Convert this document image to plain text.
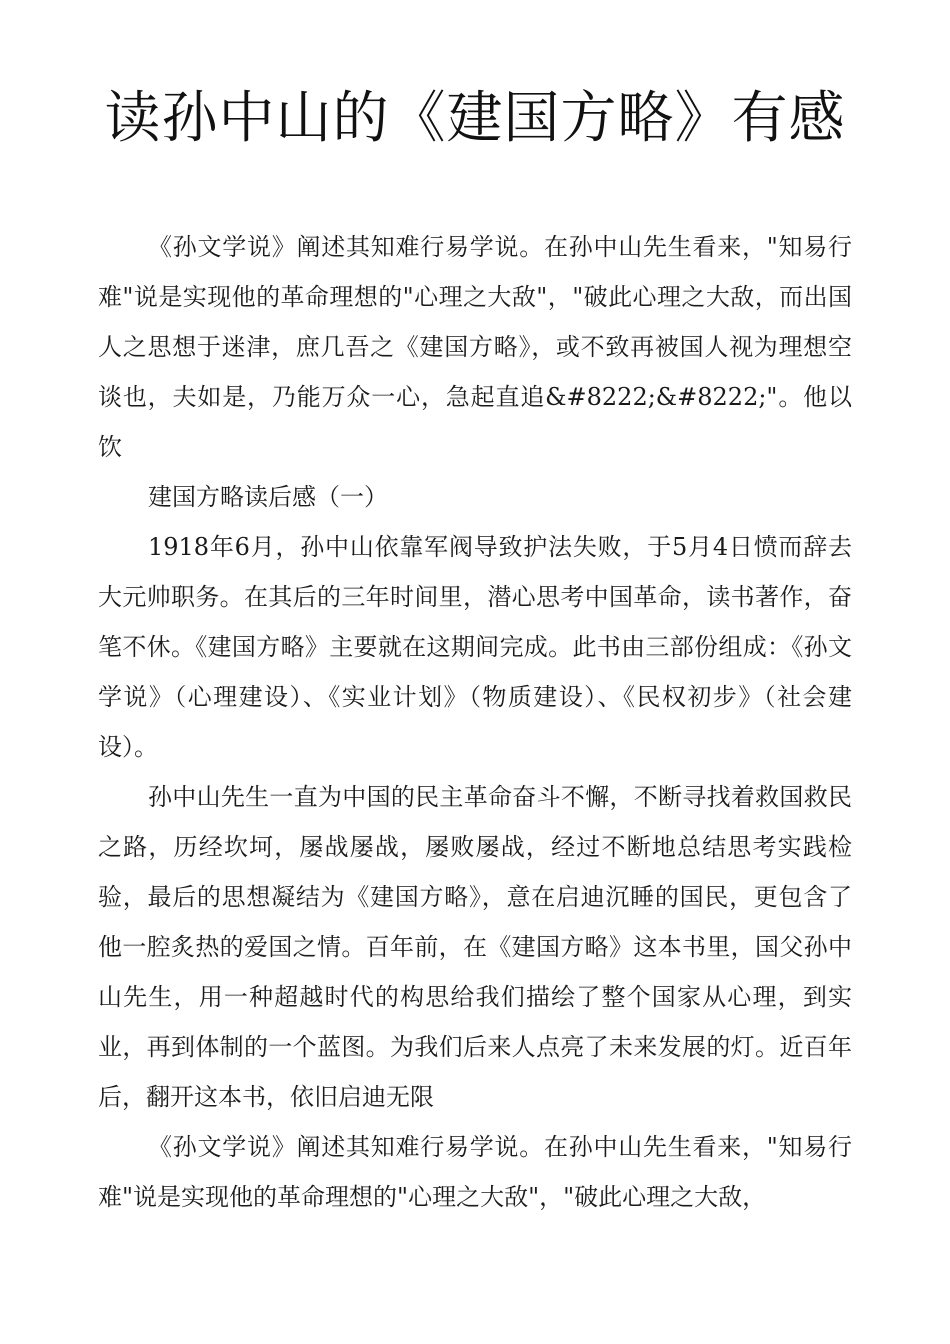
读孙中山的《建国方略》有感

《孙文学说》阐述其知难行易学说。在孙中山先生看来，"知易行难"说是实现他的革命理想的"心理之大敌"，"破此心理之大敌，而出国人之思想于迷津，庶几吾之《建国方略》，或不致再被国人视为理想空谈也，夫如是，乃能万众一心，急起直追&#8222;&#8222;"。他以饮

建国方略读后感（一）

1918年6月，孙中山依靠军阀导致护法失败，于5月4日愤而辞去大元帅职务。在其后的三年时间里，潜心思考中国革命，读书著作，奋笔不休。《建国方略》主要就在这期间完成。此书由三部份组成：《孙文学说》（心理建设）、《实业计划》（物质建设）、《民权初步》（社会建设）。

孙中山先生一直为中国的民主革命奋斗不懈，不断寻找着救国救民之路，历经坎坷，屡战屡战，屡败屡战，经过不断地总结思考实践检验，最后的思想凝结为《建国方略》，意在启迪沉睡的国民，更包含了他一腔炙热的爱国之情。百年前，在《建国方略》这本书里，国父孙中山先生，用一种超越时代的构思给我们描绘了整个国家从心理，到实业，再到体制的一个蓝图。为我们后来人点亮了未来发展的灯。近百年后，翻开这本书，依旧启迪无限

《孙文学说》阐述其知难行易学说。在孙中山先生看来，"知易行难"说是实现他的革命理想的"心理之大敌"，"破此心理之大敌，
